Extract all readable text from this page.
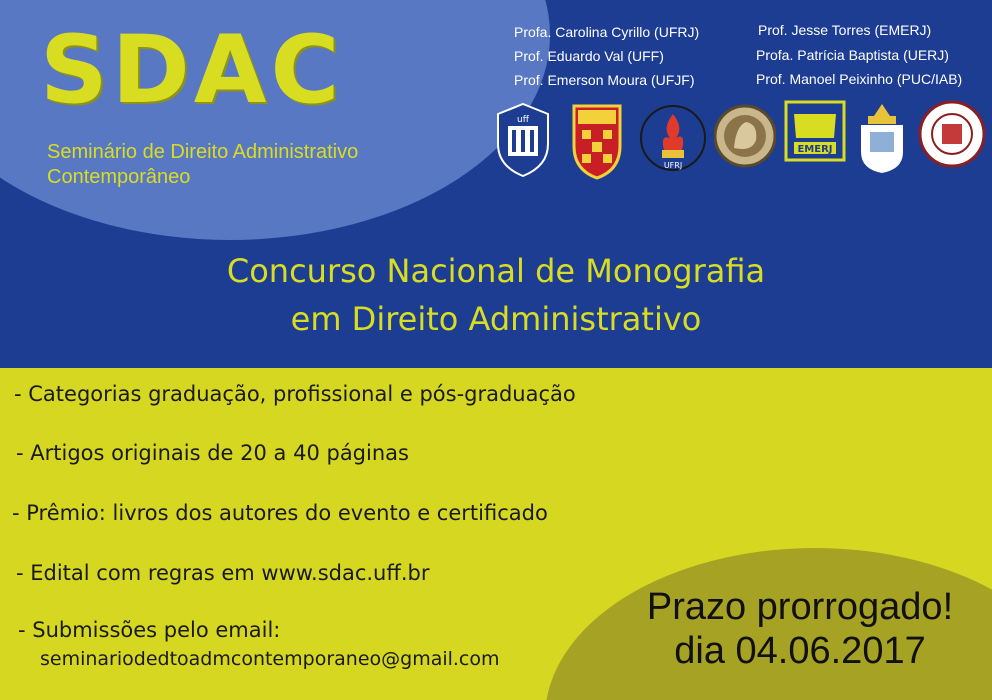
SDAC
Seminário de Direito Administrativo
Contemporâneo
Profa. Carolina Cyrillo (UFRJ)
Prof. Eduardo Val (UFF)
Prof. Emerson Moura (UFJF)
Prof. Jesse Torres (EMERJ)
Profa. Patrícia Baptista (UERJ)
Prof. Manoel Peixinho (PUC/IAB)
uff
UFRJ
EMERJ
Concurso Nacional de Monografia
em Direito Administrativo
- Categorias graduação, profissional e pós-graduação
- Artigos originais de 20 a 40 páginas
- Prêmio: livros dos autores do evento e certificado
- Edital com regras em www.sdac.uff.br
- Submissões pelo email:
seminariodedtoadmcontemporaneo@gmail.com
Prazo prorrogado!
dia 04.06.2017
